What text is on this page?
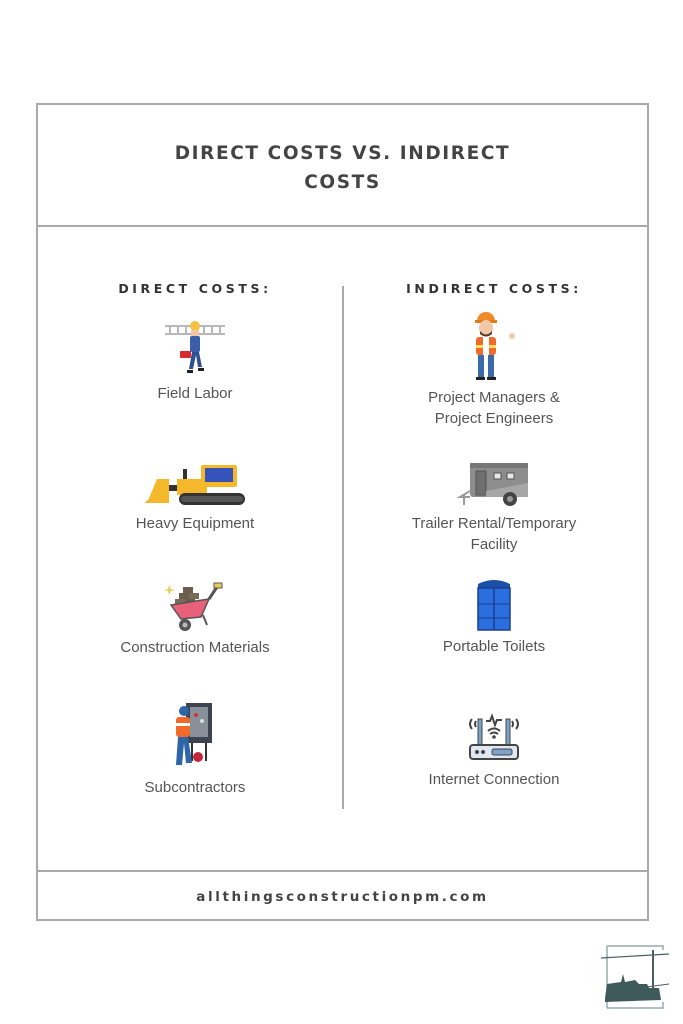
DIRECT COSTS VS. INDIRECT COSTS
DIRECT COSTS:
Field Labor
Heavy Equipment
Construction Materials
Subcontractors
INDIRECT COSTS:
Project Managers & Project Engineers
Trailer Rental/Temporary Facility
Portable Toilets
Internet Connection
allthingsconstructionpm.com
